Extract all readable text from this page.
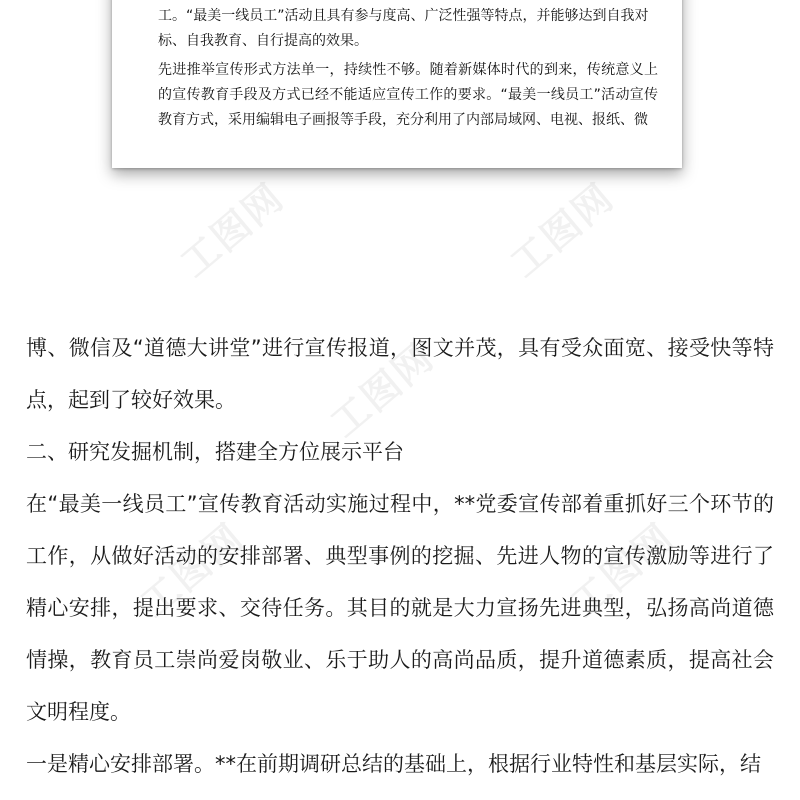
工图网	工图网
工图网
工图网	工图网

工。“最美一线员工”活动且具有参与度高、广泛性强等特点，并能够达到自我对
标、自我教育、自行提高的效果。

先进推举宣传形式方法单一，持续性不够。随着新媒体时代的到来，传统意义上的宣传教育手段及方式已经不能适应宣传工作的要求。“最美一线员工”活动宣传教育方式，采用编辑电子画报等手段，充分利用了内部局域网、电视、报纸、微

博、微信及“道德大讲堂”进行宣传报道，图文并茂，具有受众面宽、接受快等特点，起到了较好效果。

二、研究发掘机制，搭建全方位展示平台

在“最美一线员工”宣传教育活动实施过程中，**党委宣传部着重抓好三个环节的工作，从做好活动的安排部署、典型事例的挖掘、先进人物的宣传激励等进行了精心安排，提出要求、交待任务。其目的就是大力宣扬先进典型，弘扬高尚道德情操，教育员工崇尚爱岗敬业、乐于助人的高尚品质，提升道德素质，提高社会文明程度。

一是精心安排部署。**在前期调研总结的基础上，根据行业特性和基层实际，结
